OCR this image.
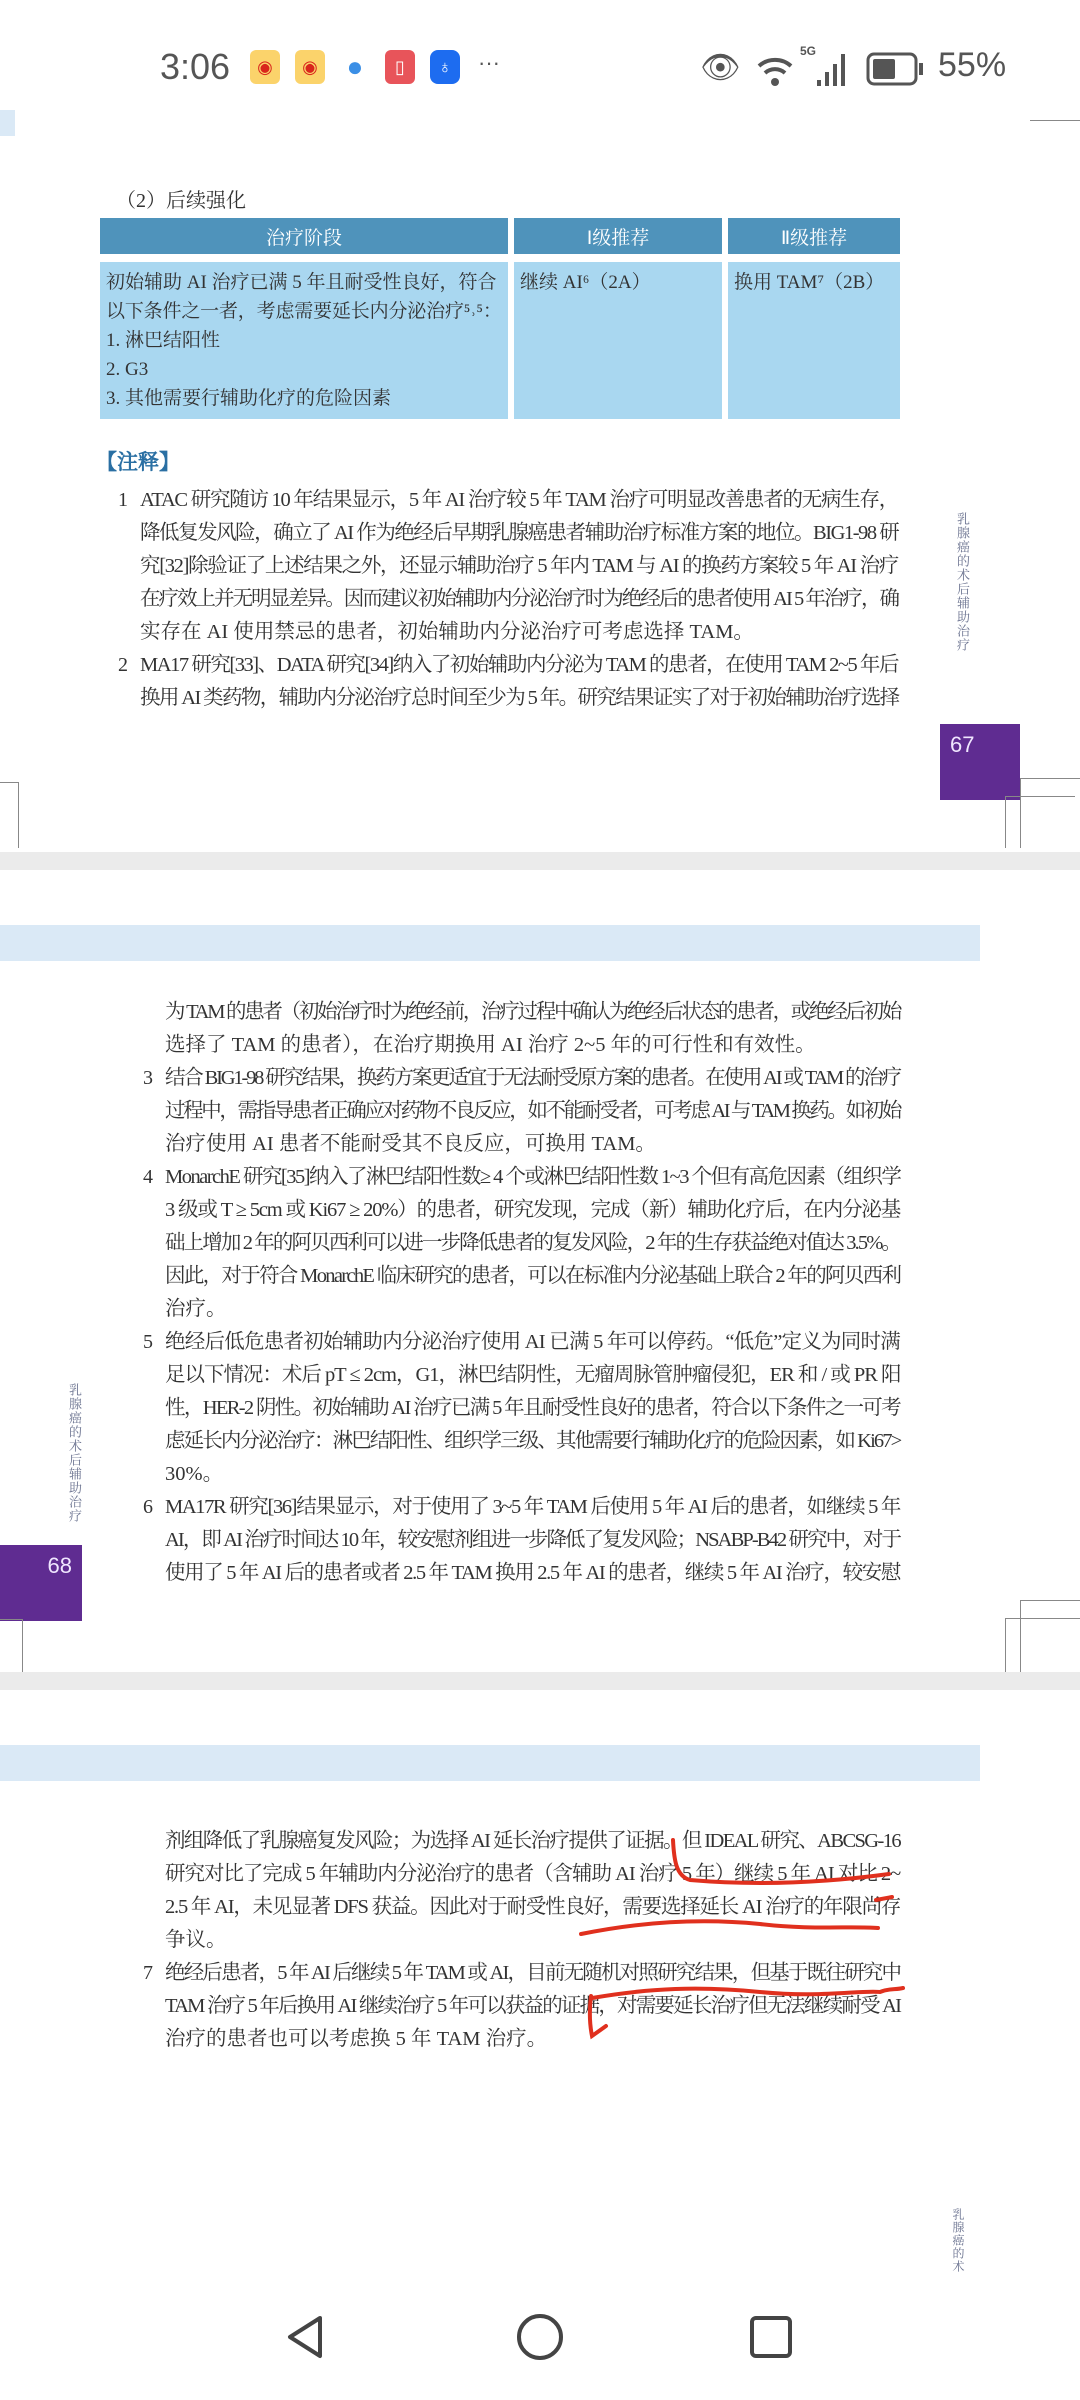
3:06	◉	◉ ●	▯	♁	···	👁	5G	55%
（2）后续强化
治疗阶段	Ⅰ级推荐	Ⅱ级推荐

初始辅助 AI 治疗已满 5 年且耐受性良好，符合
以下条件之一者，考虑需要延长内分泌治疗⁵˒⁵：
1. 淋巴结阳性
2. G3
3. 其他需要行辅助化疗的危险因素	继续 AI⁶（2A）	换用 TAM⁷（2B）
【注释】
乳腺癌的术后辅助治疗
67
乳腺癌的术后辅助治疗
68
乳腺癌的术
1 ATAC 研究随访 10 年结果显示，5 年 AI 治疗较 5 年 TAM 治疗可明显改善患者的无病生存，
降低复发风险，确立了 AI 作为绝经后早期乳腺癌患者辅助治疗标准方案的地位。BIG1-98 研
究[32]除验证了上述结果之外，还显示辅助治疗 5 年内 TAM 与 AI 的换药方案较 5 年 AI 治疗
在疗效上并无明显差异。因而建议初始辅助内分泌治疗时为绝经后的患者使用 AI 5 年治疗，确
实存在 AI 使用禁忌的患者，初始辅助内分泌治疗可考虑选择 TAM。
2 MA17 研究[33]、DATA 研究[34]纳入了初始辅助内分泌为 TAM 的患者，在使用 TAM 2~5 年后
换用 AI 类药物，辅助内分泌治疗总时间至少为 5 年。研究结果证实了对于初始辅助治疗选择
为 TAM 的患者（初始治疗时为绝经前，治疗过程中确认为绝经后状态的患者，或绝经后初始
选择了 TAM 的患者），在治疗期换用 AI 治疗 2~5 年的可行性和有效性。
3 结合 BIG1-98 研究结果，换药方案更适宜于无法耐受原方案的患者。在使用 AI 或 TAM 的治疗
过程中，需指导患者正确应对药物不良反应，如不能耐受者，可考虑 AI 与 TAM 换药。如初始
治疗使用 AI 患者不能耐受其不良反应，可换用 TAM。
4 MonarchE 研究[35]纳入了淋巴结阳性数≥ 4 个或淋巴结阳性数 1~3 个但有高危因素（组织学
3 级或 T ≥ 5cm 或 Ki67 ≥ 20%）的患者，研究发现，完成（新）辅助化疗后，在内分泌基
础上增加 2 年的阿贝西利可以进一步降低患者的复发风险，2 年的生存获益绝对值达 3.5%。
因此，对于符合 MonarchE 临床研究的患者，可以在标准内分泌基础上联合 2 年的阿贝西利
治疗。
5 绝经后低危患者初始辅助内分泌治疗使用 AI 已满 5 年可以停药。“低危”定义为同时满
足以下情况：术后 pT ≤ 2cm，G1，淋巴结阴性，无瘤周脉管肿瘤侵犯，ER 和 / 或 PR 阳
性，HER-2 阴性。初始辅助 AI 治疗已满 5 年且耐受性良好的患者，符合以下条件之一可考
虑延长内分泌治疗：淋巴结阳性、组织学三级、其他需要行辅助化疗的危险因素，如 Ki67>
30%。
6 MA17R 研究[36]结果显示，对于使用了 3~5 年 TAM 后使用 5 年 AI 后的患者，如继续 5 年
AI，即 AI 治疗时间达 10 年，较安慰剂组进一步降低了复发风险；NSABP-B42 研究中，对于
使用了 5 年 AI 后的患者或者 2.5 年 TAM 换用 2.5 年 AI 的患者，继续 5 年 AI 治疗，较安慰
剂组降低了乳腺癌复发风险；为选择 AI 延长治疗提供了证据。但 IDEAL 研究、ABCSG-16
研究对比了完成 5 年辅助内分泌治疗的患者（含辅助 AI 治疗 5 年）继续 5 年 AI 对比 2~
2.5 年 AI，未见显著 DFS 获益。因此对于耐受性良好，需要选择延长 AI 治疗的年限尚存
争议。
7 绝经后患者，5 年 AI 后继续 5 年 TAM 或 AI，目前无随机对照研究结果，但基于既往研究中
TAM 治疗 5 年后换用 AI 继续治疗 5 年可以获益的证据，对需要延长治疗但无法继续耐受 AI
治疗的患者也可以考虑换 5 年 TAM 治疗。
